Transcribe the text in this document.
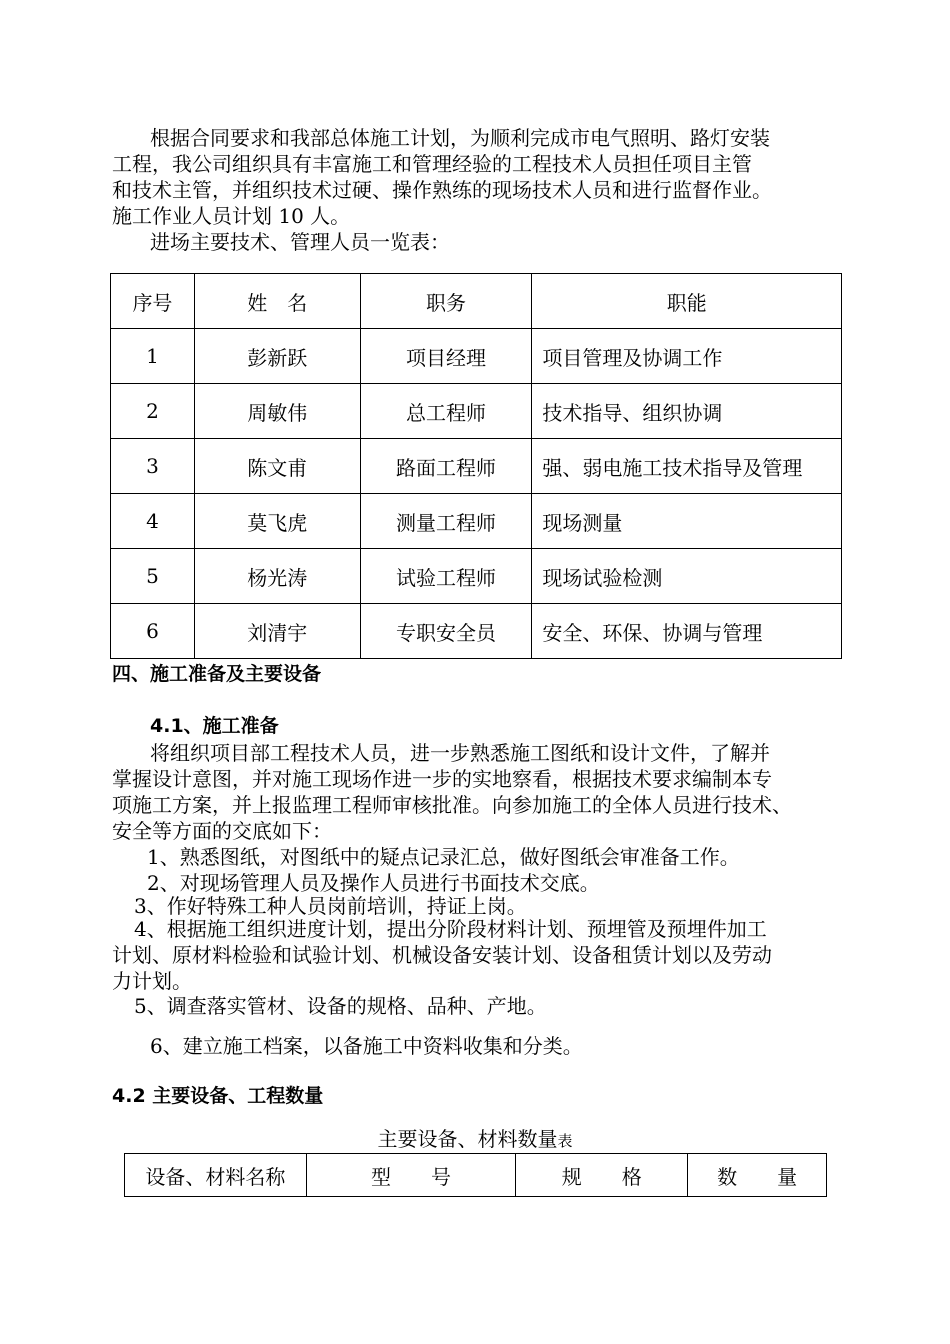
根据合同要求和我部总体施工计划，为顺利完成市电气照明、路灯安装
工程，我公司组织具有丰富施工和管理经验的工程技术人员担任项目主管
和技术主管，并组织技术过硬、操作熟练的现场技术人员和进行监督作业。
施工作业人员计划 10 人。
进场主要技术、管理人员一览表：
序号	姓　名	职务	职能
1	彭新跃	项目经理	项目管理及协调工作
2	周敏伟	总工程师	技术指导、组织协调
3	陈文甫	路面工程师	强、弱电施工技术指导及管理
4	莫飞虎	测量工程师	现场测量
5	杨光涛	试验工程师	现场试验检测
6	刘清宇	专职安全员	安全、环保、协调与管理
四、施工准备及主要设备
4.1、施工准备
将组织项目部工程技术人员，进一步熟悉施工图纸和设计文件，了解并
掌握设计意图，并对施工现场作进一步的实地察看，根据技术要求编制本专
项施工方案，并上报监理工程师审核批准。向参加施工的全体人员进行技术、
安全等方面的交底如下：
1、熟悉图纸，对图纸中的疑点记录汇总，做好图纸会审准备工作。
2、对现场管理人员及操作人员进行书面技术交底。
3、作好特殊工种人员岗前培训，持证上岗。
4、根据施工组织进度计划，提出分阶段材料计划、预埋管及预埋件加工
计划、原材料检验和试验计划、机械设备安装计划、设备租赁计划以及劳动
力计划。
5、调查落实管材、设备的规格、品种、产地。
6、建立施工档案，以备施工中资料收集和分类。
4.2 主要设备、工程数量
主要设备、材料数量表
设备、材料名称	型　　号	规　　格	数　　量
